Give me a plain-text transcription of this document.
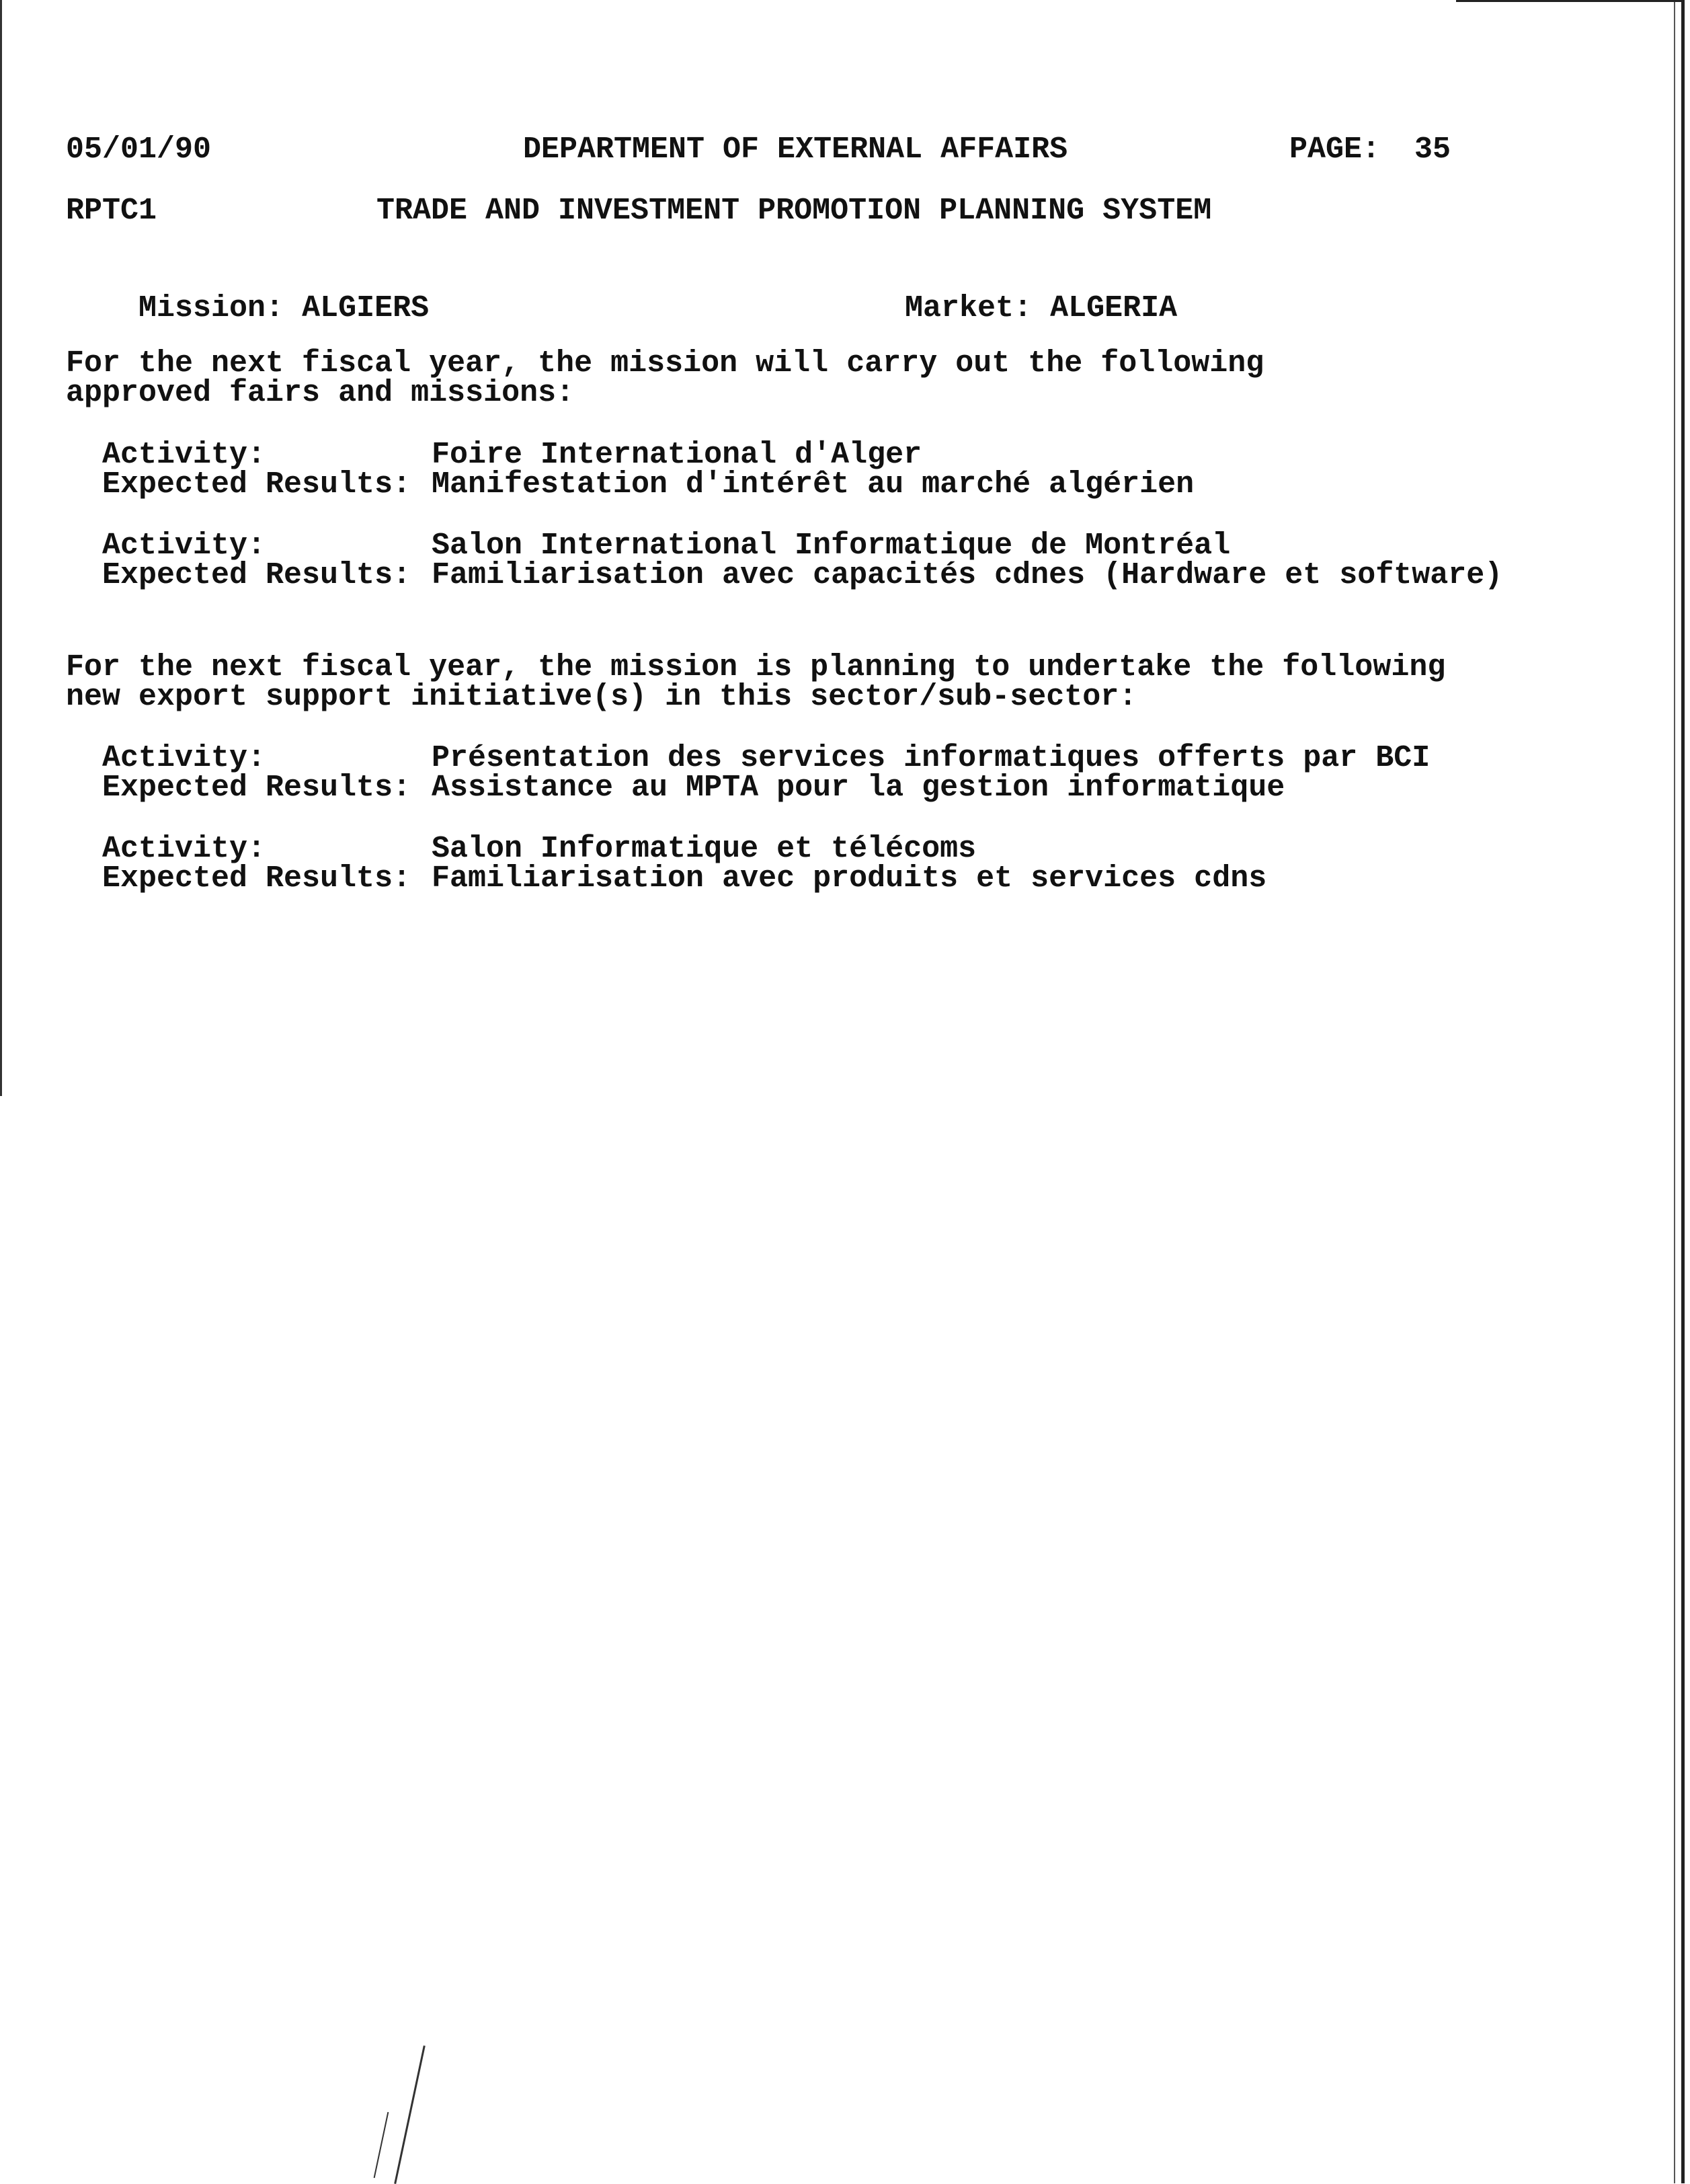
05/01/90	DEPARTMENT OF EXTERNAL AFFAIRS	PAGE: 35
RPTC1	TRADE AND INVESTMENT PROMOTION PLANNING SYSTEM

Mission: ALGIERS
	Market: ALGERIA

For the next fiscal year, the mission will carry out the following
approved fairs and missions:
Activity:	Foire International d'Alger
Expected Results: Manifestation d'intérêt au marché algérien
Activity:	Salon International Informatique de Montréal
Expected Results: Familiarisation avec capacités cdnes (Hardware et software)
For the next fiscal year, the mission is planning to undertake the following
new export support initiative(s) in this sector/sub-sector:
Activity:	Présentation des services informatiques offerts par BCI
Expected Results: Assistance au MPTA pour la gestion informatique
Activity:	Salon Informatique et télécoms
Expected Results: Familiarisation avec produits et services cdns
